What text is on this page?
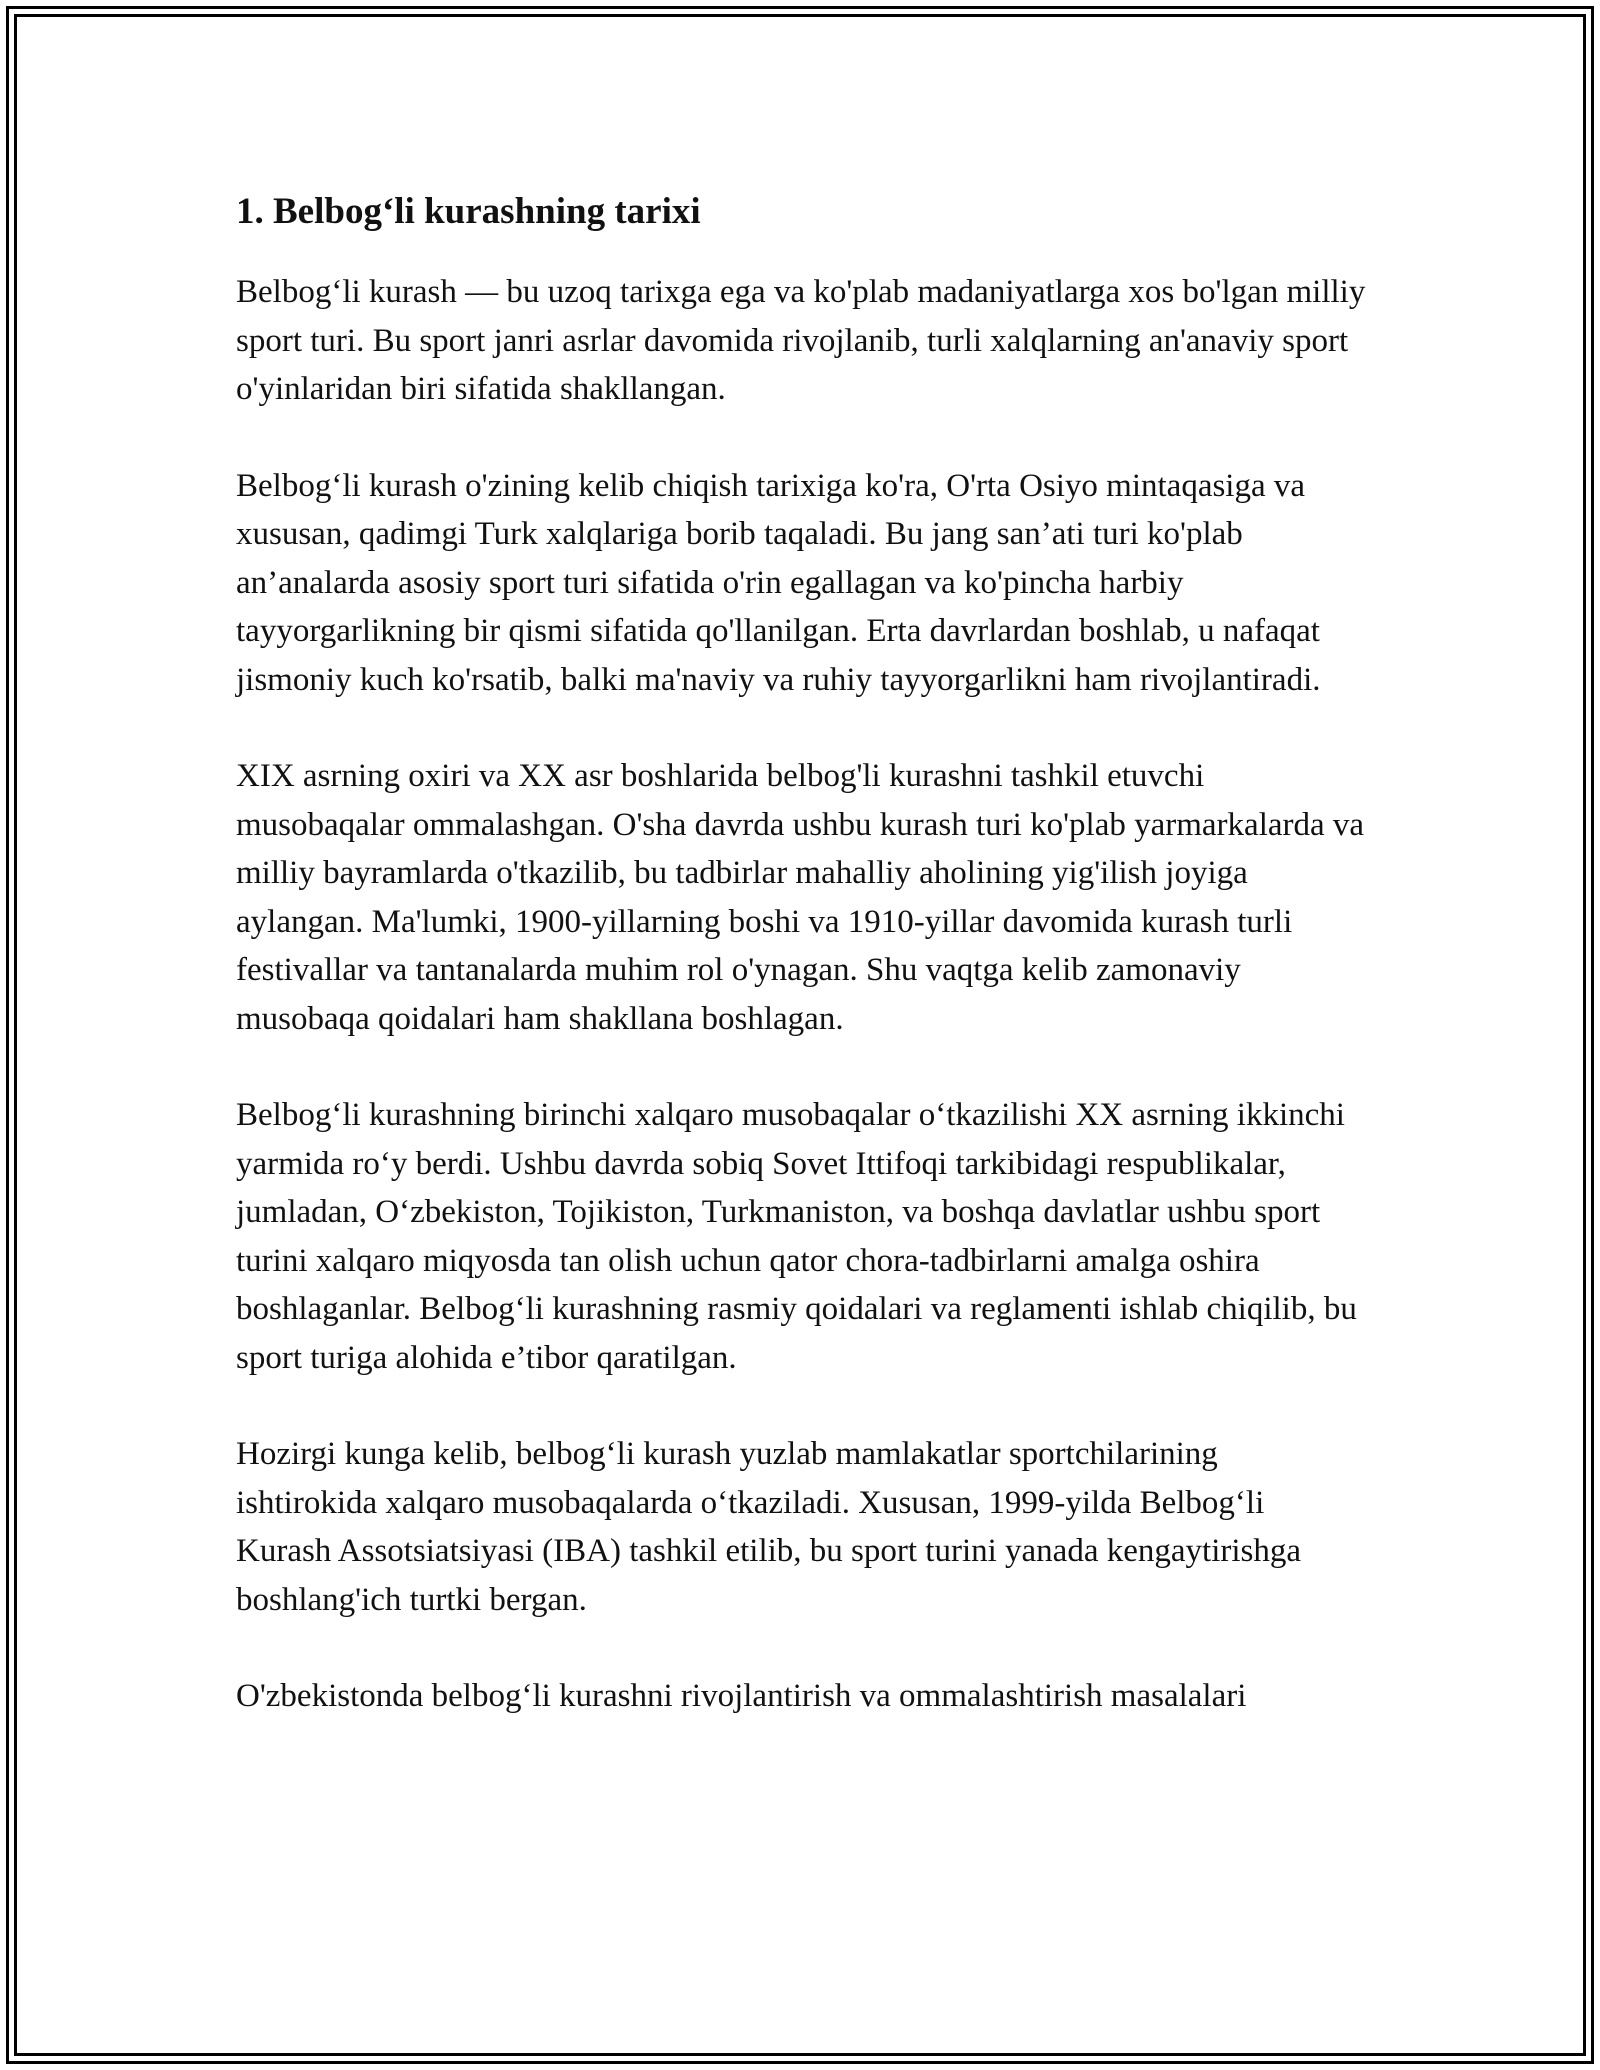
1. Belbog‘li kurashning tarixi

Belbog‘li kurash — bu uzoq tarixga ega va ko'plab madaniyatlarga xos bo'lgan milliy sport turi. Bu sport janri asrlar davomida rivojlanib, turli xalqlarning an'anaviy sport o'yinlaridan biri sifatida shakllangan.

Belbog‘li kurash o'zining kelib chiqish tarixiga ko'ra, O'rta Osiyo mintaqasiga va xususan, qadimgi Turk xalqlariga borib taqaladi. Bu jang san’ati turi ko'plab an’analarda asosiy sport turi sifatida o'rin egallagan va ko'pincha harbiy tayyorgarlikning bir qismi sifatida qo'llanilgan. Erta davrlardan boshlab, u nafaqat jismoniy kuch ko'rsatib, balki ma'naviy va ruhiy tayyorgarlikni ham rivojlantiradi.

XIX asrning oxiri va XX asr boshlarida belbog'li kurashni tashkil etuvchi musobaqalar ommalashgan. O'sha davrda ushbu kurash turi ko'plab yarmarkalarda va milliy bayramlarda o'tkazilib, bu tadbirlar mahalliy aholining yig'ilish joyiga aylangan. Ma'lumki, 1900-yillarning boshi va 1910-yillar davomida kurash turli festivallar va tantanalarda muhim rol o'ynagan. Shu vaqtga kelib zamonaviy musobaqa qoidalari ham shakllana boshlagan.

Belbog‘li kurashning birinchi xalqaro musobaqalar o‘tkazilishi XX asrning ikkinchi yarmida ro‘y berdi. Ushbu davrda sobiq Sovet Ittifoqi tarkibidagi respublikalar, jumladan, O‘zbekiston, Tojikiston, Turkmaniston, va boshqa davlatlar ushbu sport turini xalqaro miqyosda tan olish uchun qator chora-tadbirlarni amalga oshira boshlaganlar. Belbog‘li kurashning rasmiy qoidalari va reglamenti ishlab chiqilib, bu sport turiga alohida e’tibor qaratilgan.

Hozirgi kunga kelib, belbog‘li kurash yuzlab mamlakatlar sportchilarining ishtirokida xalqaro musobaqalarda o‘tkaziladi. Xususan, 1999-yilda Belbog‘li Kurash Assotsiatsiyasi (IBA) tashkil etilib, bu sport turini yanada kengaytirishga boshlang'ich turtki bergan.

O'zbekistonda belbog‘li kurashni rivojlantirish va ommalashtirish masalalari
